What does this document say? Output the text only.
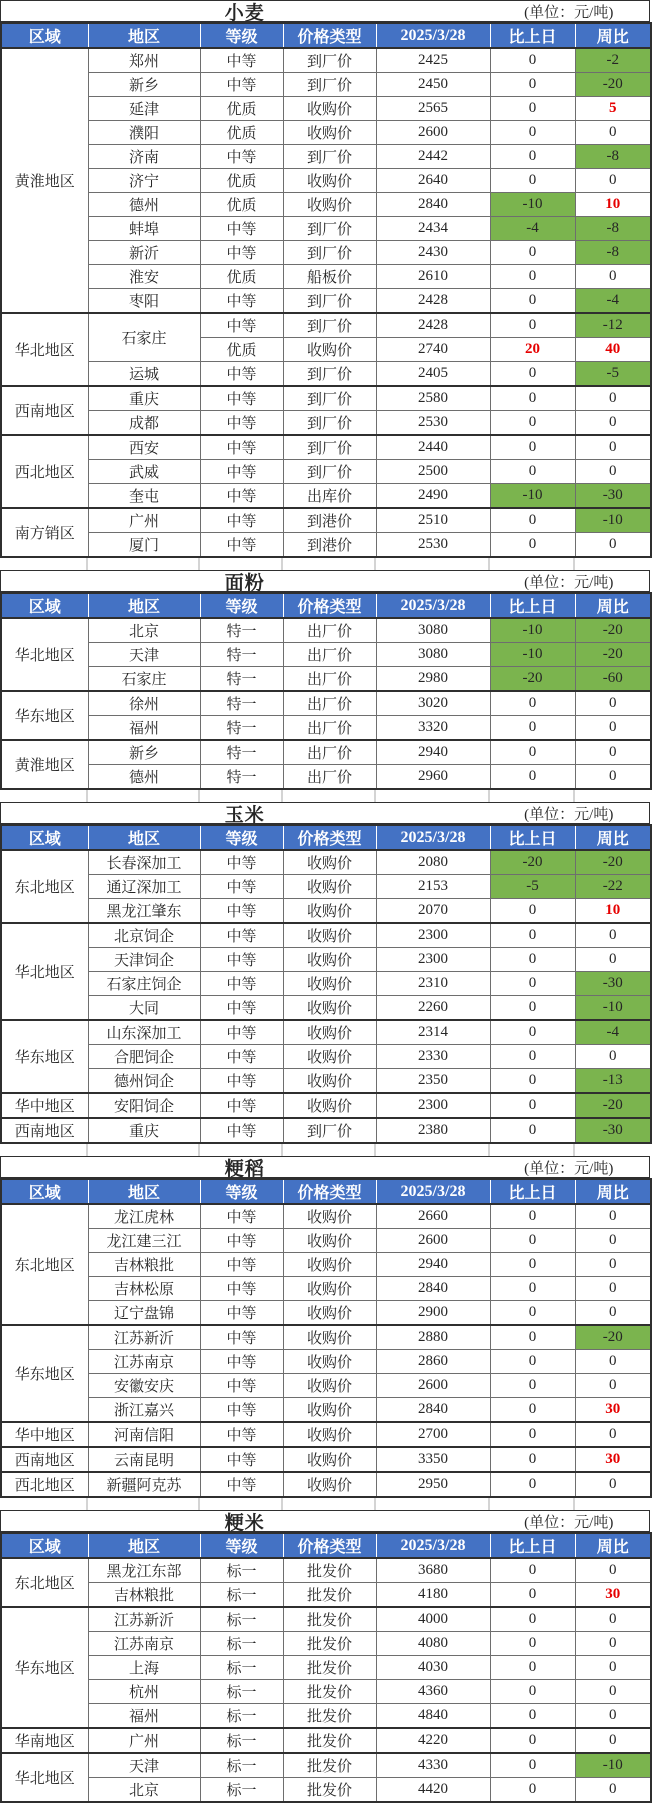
小麦	(单位：元/吨)
区域	地区	等级	价格类型	2025/3/28	比上日	周比
黄淮地区	郑州	中等	到厂价	2425	0	-2
	新乡	中等	到厂价	2450	0	-20
	延津	优质	收购价	2565	0	5
	濮阳	优质	收购价	2600	0	0
	济南	中等	到厂价	2442	0	-8
	济宁	优质	收购价	2640	0	0
	德州	优质	收购价	2840	-10	10
	蚌埠	中等	到厂价	2434	-4	-8
	新沂	中等	到厂价	2430	0	-8
	淮安	优质	船板价	2610	0	0
	枣阳	中等	到厂价	2428	0	-4
华北地区	石家庄	中等	到厂价	2428	0	-12
		优质	收购价	2740	20	40
	运城	中等	到厂价	2405	0	-5
西南地区	重庆	中等	到厂价	2580	0	0
	成都	中等	到厂价	2530	0	0
西北地区	西安	中等	到厂价	2440	0	0
	武威	中等	到厂价	2500	0	0
	奎屯	中等	出库价	2490	-10	-30
南方销区	广州	中等	到港价	2510	0	-10
	厦门	中等	到港价	2530	0	0
面粉	(单位：元/吨)
区域	地区	等级	价格类型	2025/3/28	比上日	周比
华北地区	北京	特一	出厂价	3080	-10	-20
	天津	特一	出厂价	3080	-10	-20
	石家庄	特一	出厂价	2980	-20	-60
华东地区	徐州	特一	出厂价	3020	0	0
	福州	特一	出厂价	3320	0	0
黄淮地区	新乡	特一	出厂价	2940	0	0
	德州	特一	出厂价	2960	0	0
玉米	(单位：元/吨)
区域	地区	等级	价格类型	2025/3/28	比上日	周比
东北地区	长春深加工	中等	收购价	2080	-20	-20
	通辽深加工	中等	收购价	2153	-5	-22
	黑龙江肇东	中等	收购价	2070	0	10
华北地区	北京饲企	中等	收购价	2300	0	0
	天津饲企	中等	收购价	2300	0	0
	石家庄饲企	中等	收购价	2310	0	-30
	大同	中等	收购价	2260	0	-10
华东地区	山东深加工	中等	收购价	2314	0	-4
	合肥饲企	中等	收购价	2330	0	0
	德州饲企	中等	收购价	2350	0	-13
华中地区	安阳饲企	中等	收购价	2300	0	-20
西南地区	重庆	中等	到厂价	2380	0	-30
粳稻	(单位：元/吨)
区域	地区	等级	价格类型	2025/3/28	比上日	周比
东北地区	龙江虎林	中等	收购价	2660	0	0
	龙江建三江	中等	收购价	2600	0	0
	吉林粮批	中等	收购价	2940	0	0
	吉林松原	中等	收购价	2840	0	0
	辽宁盘锦	中等	收购价	2900	0	0
华东地区	江苏新沂	中等	收购价	2880	0	-20
	江苏南京	中等	收购价	2860	0	0
	安徽安庆	中等	收购价	2600	0	0
	浙江嘉兴	中等	收购价	2840	0	30
华中地区	河南信阳	中等	收购价	2700	0	0
西南地区	云南昆明	中等	收购价	3350	0	30
西北地区	新疆阿克苏	中等	收购价	2950	0	0
粳米	(单位：元/吨)
区域	地区	等级	价格类型	2025/3/28	比上日	周比
东北地区	黑龙江东部	标一	批发价	3680	0	0
	吉林粮批	标一	批发价	4180	0	30
华东地区	江苏新沂	标一	批发价	4000	0	0
	江苏南京	标一	批发价	4080	0	0
	上海	标一	批发价	4030	0	0
	杭州	标一	批发价	4360	0	0
	福州	标一	批发价	4840	0	0
华南地区	广州	标一	批发价	4220	0	0
华北地区	天津	标一	批发价	4330	0	-10
	北京	标一	批发价	4420	0	0
